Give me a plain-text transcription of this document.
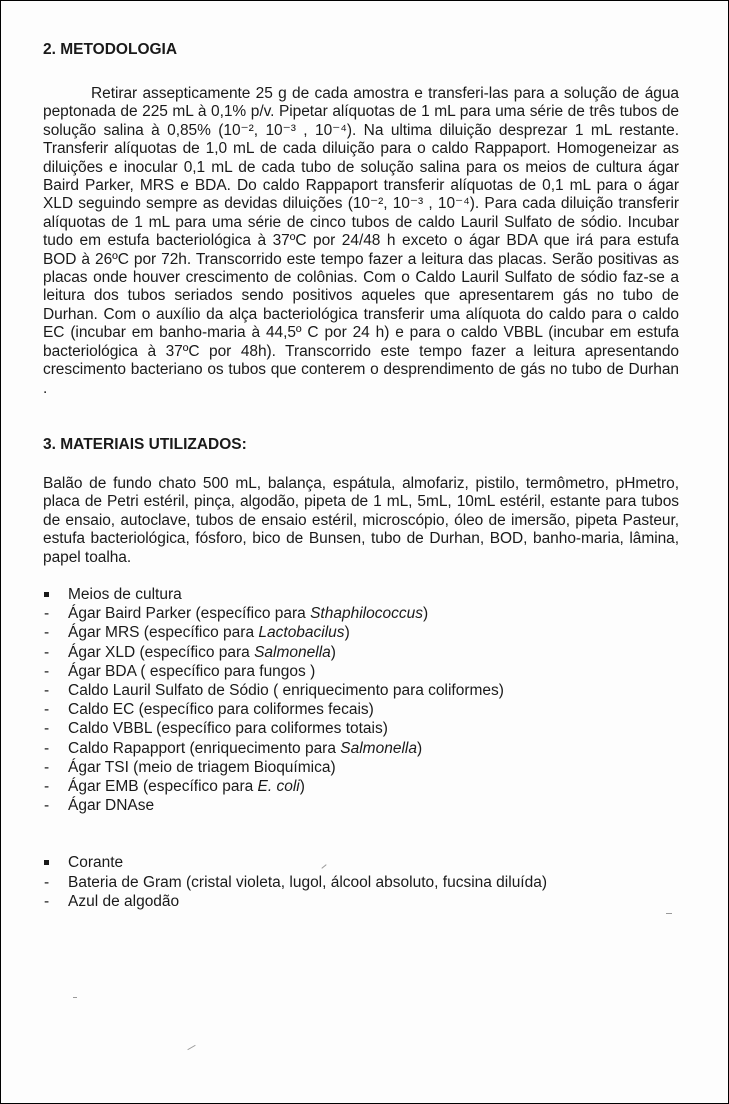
2. METODOLOGIA

Retirar assepticamente 25 g de cada amostra e transferi-las para a solução de água peptonada de 225 mL à 0,1% p/v. Pipetar alíquotas de 1 mL para uma série de três tubos de solução salina à 0,85% (10⁻², 10⁻³ , 10⁻⁴). Na ultima diluição desprezar 1 mL restante. Transferir alíquotas de 1,0 mL de cada diluição para o caldo Rappaport. Homogeneizar as diluições e inocular 0,1 mL de cada tubo de solução salina para os meios de cultura ágar Baird Parker, MRS e BDA. Do caldo Rappaport transferir alíquotas de 0,1 mL para o ágar XLD seguindo sempre as devidas diluições (10⁻², 10⁻³ , 10⁻⁴). Para cada diluição transferir alíquotas de 1 mL para uma série de cinco tubos de caldo Lauril Sulfato de sódio. Incubar tudo em estufa bacteriológica à 37ºC por 24/48 h exceto o ágar BDA que irá para estufa BOD à 26ºC por 72h. Transcorrido este tempo fazer a leitura das placas. Serão positivas as placas onde houver crescimento de colônias. Com o Caldo Lauril Sulfato de sódio faz-se a leitura dos tubos seriados sendo positivos aqueles que apresentarem gás no tubo de Durhan. Com o auxílio da alça bacteriológica transferir uma alíquota do caldo para o caldo EC (incubar em banho-maria à 44,5º C por 24 h) e para o caldo VBBL (incubar em estufa bacteriológica à 37ºC por 48h). Transcorrido este tempo fazer a leitura apresentando crescimento bacteriano os tubos que conterem o desprendimento de gás no tubo de Durhan .

3. MATERIAIS UTILIZADOS:

Balão de fundo chato 500 mL, balança, espátula, almofariz, pistilo, termômetro, pHmetro, placa de Petri estéril, pinça, algodão, pipeta de 1 mL, 5mL, 10mL estéril, estante para tubos de ensaio, autoclave, tubos de ensaio estéril, microscópio, óleo de imersão, pipeta Pasteur, estufa bacteriológica, fósforo, bico de Bunsen, tubo de Durhan, BOD, banho-maria, lâmina, papel toalha.

Meios de cultura
-	Ágar Baird Parker (específico para Sthaphilococcus)
-	Ágar MRS (específico para Lactobacilus)
-	Ágar XLD (específico para Salmonella)
-	Ágar BDA ( específico para fungos )
-	Caldo Lauril Sulfato de Sódio ( enriquecimento para coliformes)
-	Caldo EC (específico para coliformes fecais)
-	Caldo VBBL (específico para coliformes totais)
-	Caldo Rapapport (enriquecimento para Salmonella)
-	Ágar TSI (meio de triagem Bioquímica)
-	Ágar EMB (específico para E. coli)
-	Ágar DNAse
Corante
-	Bateria de Gram (cristal violeta, lugol, álcool absoluto, fucsina diluída)
-	Azul de algodão
